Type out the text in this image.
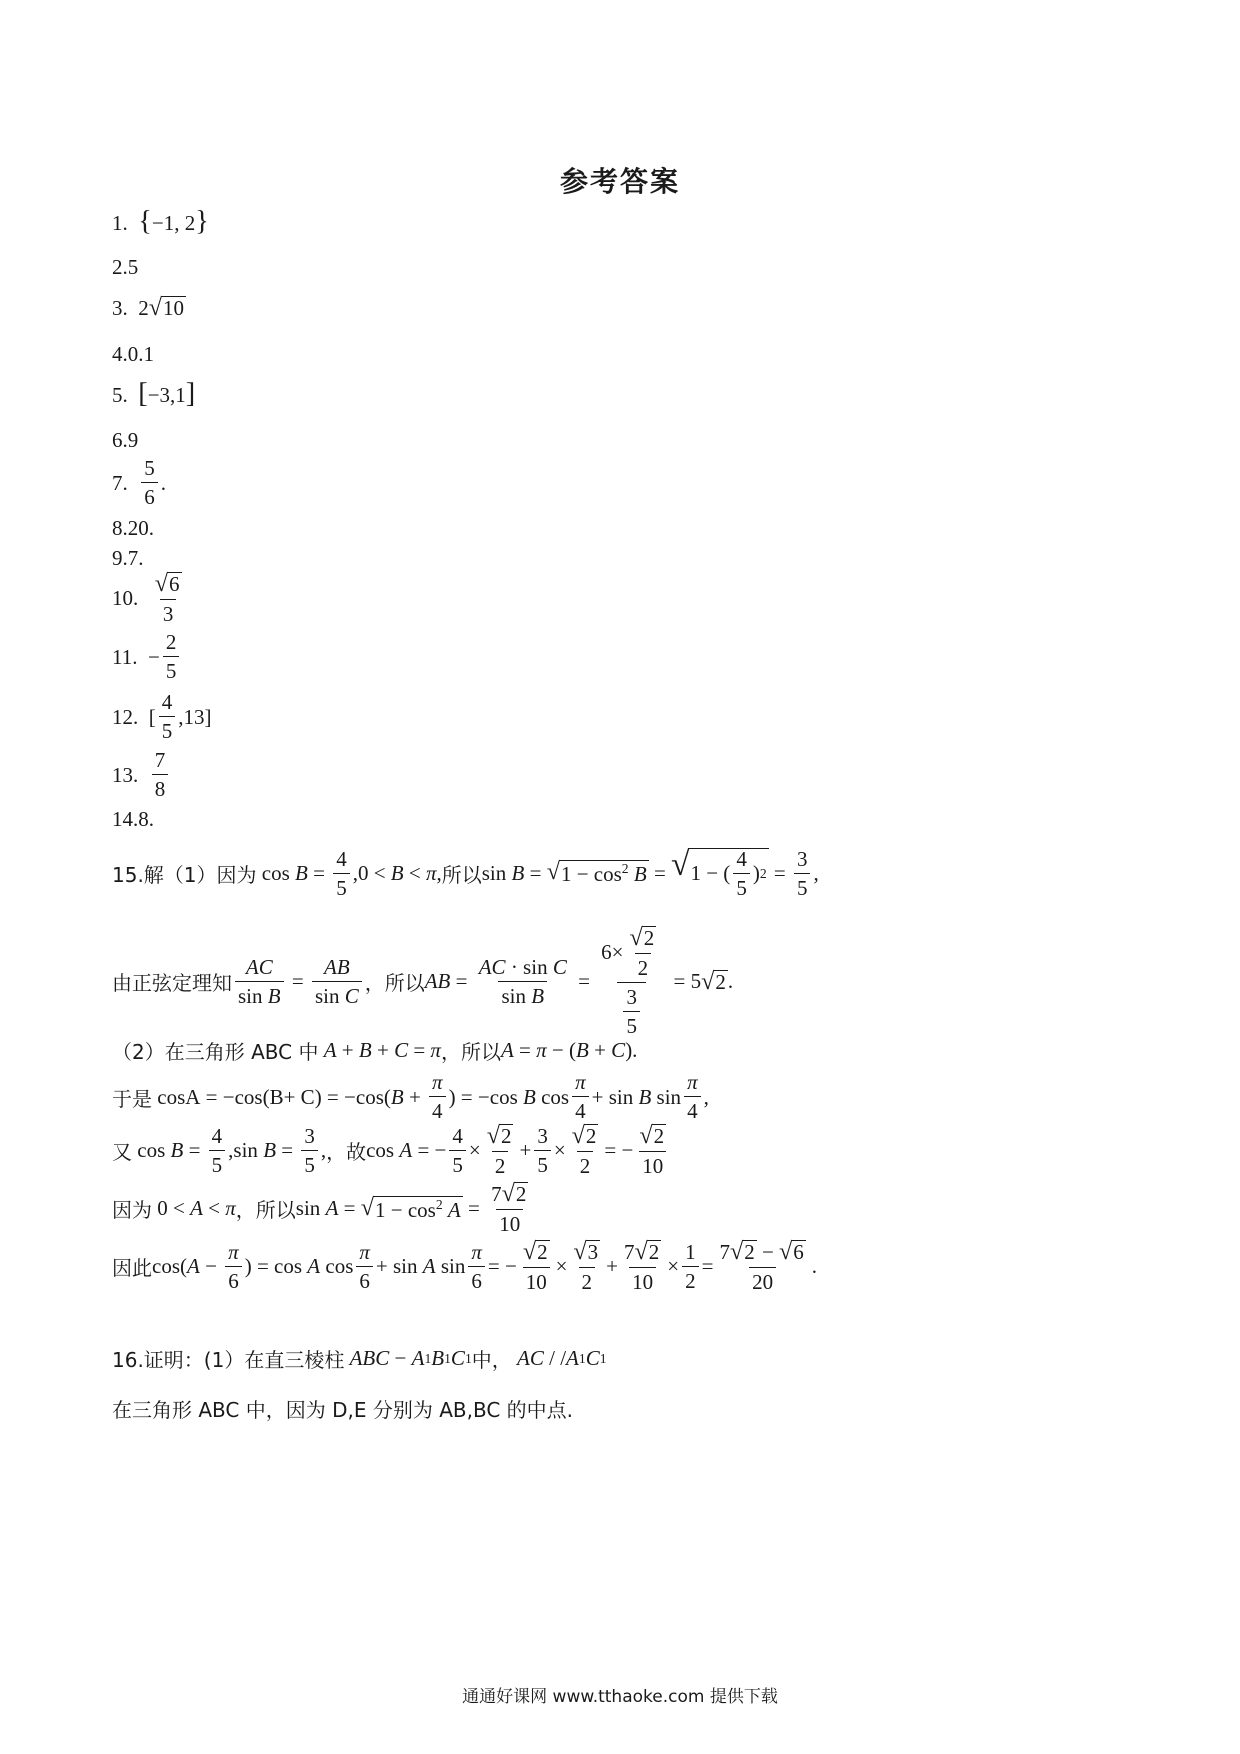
参考答案
1.  {−1, 2}
2.5
3.  2 √ 10
4.0.1
5.  [−3,1]
6.9
7. $\frac{5}{6}$ .
8.20.
9.7.
10. $\frac{√ 6}{3}$
11.  − $\frac{2}{5}$
12.  [ $\frac{4}{5} ,13$]
13. $\frac{7}{8}$
14.8.
15.解（1）因为 $\cos B = \frac{4}{5} ,0 < B < \pi$ , 所以 sin B = √ $1 - \cos^2 B$ = √ 1 − ( $\frac{4}{5}$ ) $2 = \frac{3}{5}$ ,
由正弦定理知 $\frac{AC}{\text{sin B}} = \frac{AB}{\text{sin C}}$ ，所以 AB = $\frac{\text{AC · sin C}}{\text{sin B}} = \frac{6\times \frac{√ 2}{2}}{\frac{3}{5}} = 5$ √ 2 .
（2）在三角形 ABC 中
A + B + C = π ，所以 A = π − ( B + C ).
于是 cosA = −cos(B+ C) = −cos( $B + \frac{\pi}{4}$ ) = −cos B $\cos \frac{\pi}{4} + \sin B$ $\sin \frac{\pi}{4}$ ,
又 $\cos B = \frac{4}{5} ,\sin$ $B = \frac{3}{5}$ , ，故 cos A = − $\frac{4}{5} \times \frac{√ 2}{2} + \frac{3}{5} \times \frac{√ 2}{2}$ = − $\frac{√ 2}{10}$
因为 0 < A < π ，所以 sin A = √ $1 - \cos^2 A = \frac{7 √ 2}{10}$
因此 cos( $A - \frac{\pi}{6}$ ) = cos A $\cos \frac{\pi}{6} + \sin A$ $\sin \frac{\pi}{6}$ = − $\frac{√ 2}{10} \times \frac{√ 3}{2} + \frac{7 √ 2}{10} \times \frac{1}{2} = \frac{7 √ 2 - √ 6}{20}$ .
16.证明：(1）在直三棱柱
ABC − A 1 B 1 C 1 中，
AC / / A 1 C 1
在三角形 ABC 中，因为 D,E 分别为 AB,BC 的中点.
通通好课网 www.tthaoke.com 提供下载
